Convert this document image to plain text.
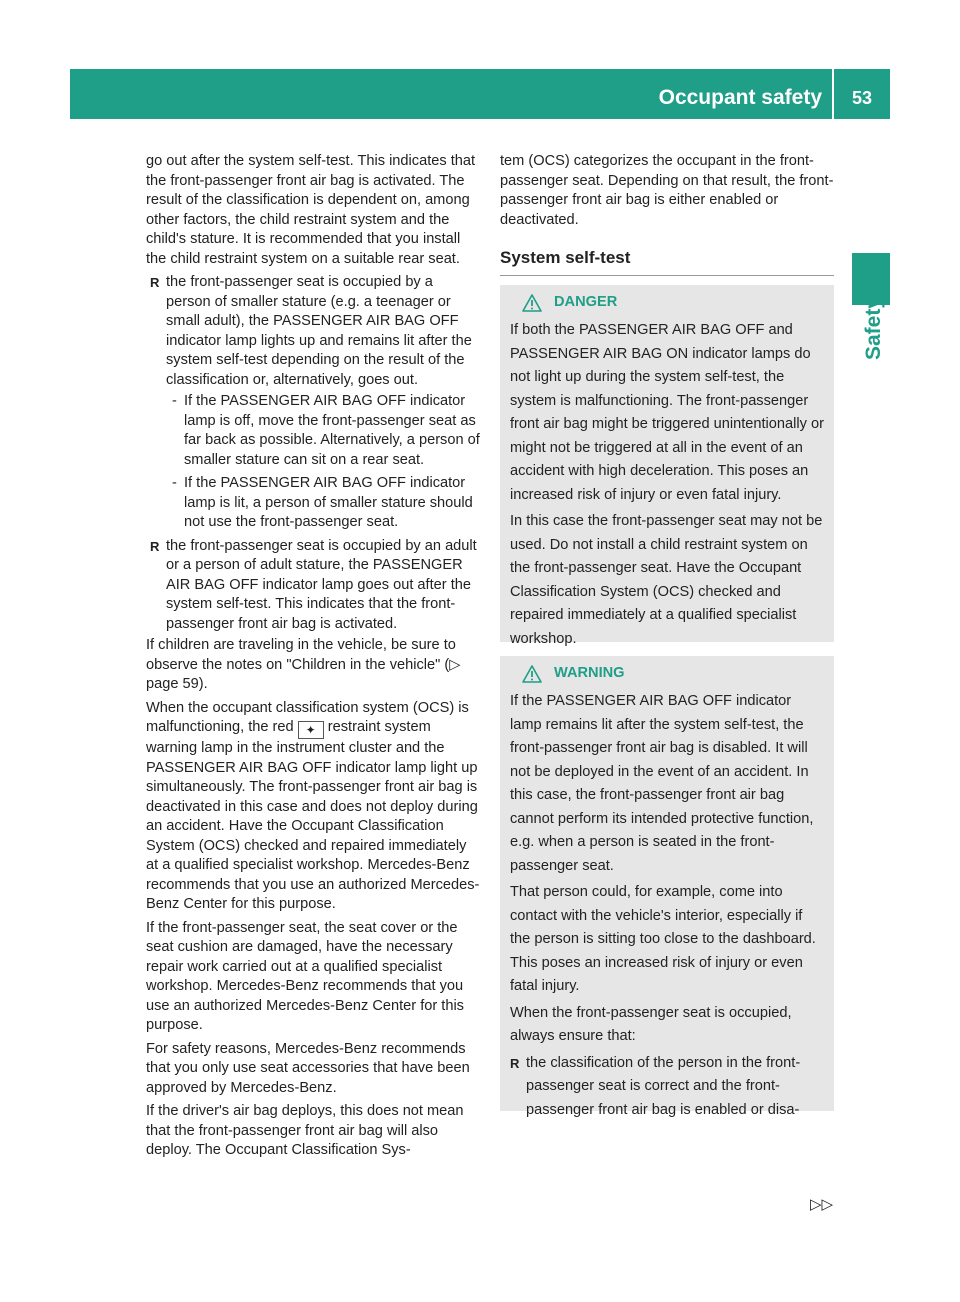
Occupant safety	53
Safety

go out after the system self-test. This indicates that the front-passenger front air bag is activated. The result of the classification is dependent on, among other factors, the child restraint system and the child's stature. It is recommended that you install the child restraint system on a suitable rear seat.

R the front-passenger seat is occupied by a person of smaller stature (e.g. a teenager or small adult), the PASSENGER AIR BAG OFF indicator lamp lights up and remains lit after the system self-test depending on the result of the classification or, alternatively, goes out.
- If the PASSENGER AIR BAG OFF indicator lamp is off, move the front-passenger seat as far back as possible. Alternatively, a person of smaller stature can sit on a rear seat.
- If the PASSENGER AIR BAG OFF indicator lamp is lit, a person of smaller stature should not use the front-passenger seat.
R the front-passenger seat is occupied by an adult or a person of adult stature, the PASSENGER AIR BAG OFF indicator lamp goes out after the system self-test. This indicates that the front-passenger front air bag is activated.

If children are traveling in the vehicle, be sure to observe the notes on "Children in the vehicle" (▷ page 59).

When the occupant classification system (OCS) is malfunctioning, the red ✦ restraint system warning lamp in the instrument cluster and the PASSENGER AIR BAG OFF indicator lamp light up simultaneously. The front-passenger front air bag is deactivated in this case and does not deploy during an accident. Have the Occupant Classification System (OCS) checked and repaired immediately at a qualified specialist workshop. Mercedes-Benz recommends that you use an authorized Mercedes-Benz Center for this purpose.

If the front-passenger seat, the seat cover or the seat cushion are damaged, have the necessary repair work carried out at a qualified specialist workshop. Mercedes-Benz recommends that you use an authorized Mercedes-Benz Center for this purpose.

For safety reasons, Mercedes-Benz recommends that you only use seat accessories that have been approved by Mercedes-Benz.

If the driver's air bag deploys, this does not mean that the front-passenger front air bag will also deploy. The Occupant Classification Sys-

tem (OCS) categorizes the occupant in the front-passenger seat. Depending on that result, the front-passenger front air bag is either enabled or deactivated.

System self-test
DANGER

If both the PASSENGER AIR BAG OFF and PASSENGER AIR BAG ON indicator lamps do not light up during the system self-test, the system is malfunctioning. The front-passenger front air bag might be triggered unintentionally or might not be triggered at all in the event of an accident with high deceleration. This poses an increased risk of injury or even fatal injury.

In this case the front-passenger seat may not be used. Do not install a child restraint system on the front-passenger seat. Have the Occupant Classification System (OCS) checked and repaired immediately at a qualified specialist workshop.

WARNING

If the PASSENGER AIR BAG OFF indicator lamp remains lit after the system self-test, the front-passenger front air bag is disabled. It will not be deployed in the event of an accident. In this case, the front-passenger front air bag cannot perform its intended protective function, e.g. when a person is seated in the front-passenger seat.

That person could, for example, come into contact with the vehicle's interior, especially if the person is sitting too close to the dashboard. This poses an increased risk of injury or even fatal injury.

When the front-passenger seat is occupied, always ensure that:

R the classification of the person in the front-passenger seat is correct and the front-passenger front air bag is enabled or disa-
▷▷
